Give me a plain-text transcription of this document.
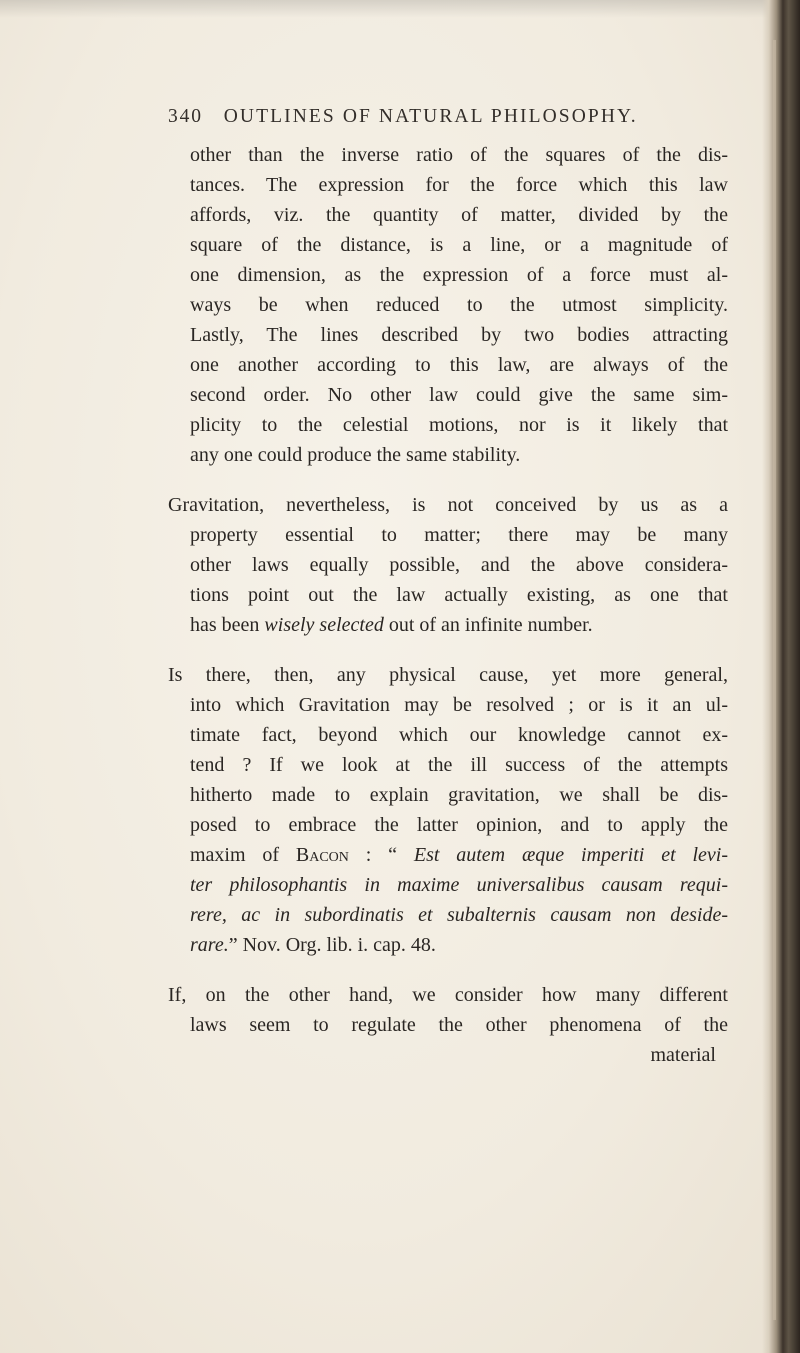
340 OUTLINES OF NATURAL PHILOSOPHY.
other than the inverse ratio of the squares of the dis-
tances. The expression for the force which this law
affords, viz. the quantity of matter, divided by the
square of the distance, is a line, or a magnitude of
one dimension, as the expression of a force must al-
ways be when reduced to the utmost simplicity.
Lastly, The lines described by two bodies attracting
one another according to this law, are always of the
second order. No other law could give the same sim-
plicity to the celestial motions, nor is it likely that
any one could produce the same stability.
Gravitation, nevertheless, is not conceived by us as a
property essential to matter; there may be many
other laws equally possible, and the above considera-
tions point out the law actually existing, as one that
has been wisely selected out of an infinite number.
Is there, then, any physical cause, yet more general,
into which Gravitation may be resolved ; or is it an ul-
timate fact, beyond which our knowledge cannot ex-
tend ? If we look at the ill success of the attempts
hitherto made to explain gravitation, we shall be dis-
posed to embrace the latter opinion, and to apply the
maxim of Bacon : “ Est autem æque imperiti et levi-
ter philosophantis in maxime universalibus causam requi-
rere, ac in subordinatis et subalternis causam non deside-
rare.” Nov. Org. lib. i. cap. 48.
If, on the other hand, we consider how many different
laws seem to regulate the other phenomena of the
material
